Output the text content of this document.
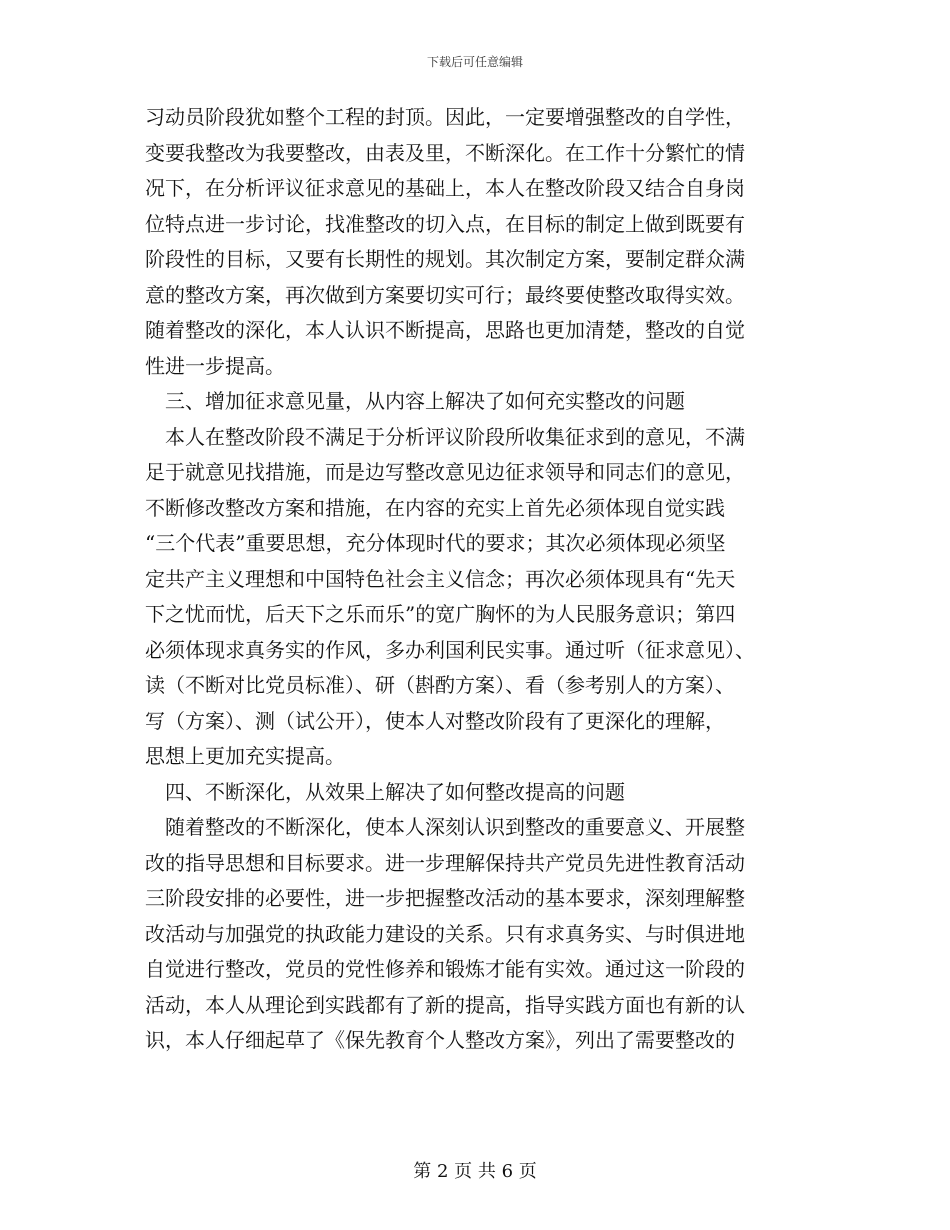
下载后可任意编辑
习动员阶段犹如整个工程的封顶。因此，一定要增强整改的自学性，
变要我整改为我要整改，由表及里，不断深化。在工作十分繁忙的情
况下，在分析评议征求意见的基础上，本人在整改阶段又结合自身岗
位特点进一步讨论，找准整改的切入点，在目标的制定上做到既要有
阶段性的目标，又要有长期性的规划。其次制定方案，要制定群众满
意的整改方案，再次做到方案要切实可行；最终要使整改取得实效。
随着整改的深化，本人认识不断提高，思路也更加清楚，整改的自觉
性进一步提高。
　三、增加征求意见量，从内容上解决了如何充实整改的问题
　本人在整改阶段不满足于分析评议阶段所收集征求到的意见，不满
足于就意见找措施，而是边写整改意见边征求领导和同志们的意见，
不断修改整改方案和措施，在内容的充实上首先必须体现自觉实践
“三个代表”重要思想，充分体现时代的要求；其次必须体现必须坚
定共产主义理想和中国特色社会主义信念；再次必须体现具有“先天
下之忧而忧，后天下之乐而乐”的宽广胸怀的为人民服务意识；第四
必须体现求真务实的作风，多办利国利民实事。通过听（征求意见）、
读（不断对比党员标准）、研（斟酌方案）、看（参考别人的方案）、
写（方案）、测（试公开），使本人对整改阶段有了更深化的理解，
思想上更加充实提高。
　四、不断深化，从效果上解决了如何整改提高的问题
　随着整改的不断深化，使本人深刻认识到整改的重要意义、开展整
改的指导思想和目标要求。进一步理解保持共产党员先进性教育活动
三阶段安排的必要性，进一步把握整改活动的基本要求，深刻理解整
改活动与加强党的执政能力建设的关系。只有求真务实、与时俱进地
自觉进行整改，党员的党性修养和锻炼才能有实效。通过这一阶段的
活动，本人从理论到实践都有了新的提高，指导实践方面也有新的认
识，本人仔细起草了《保先教育个人整改方案》，列出了需要整改的
第 2 页 共 6 页
